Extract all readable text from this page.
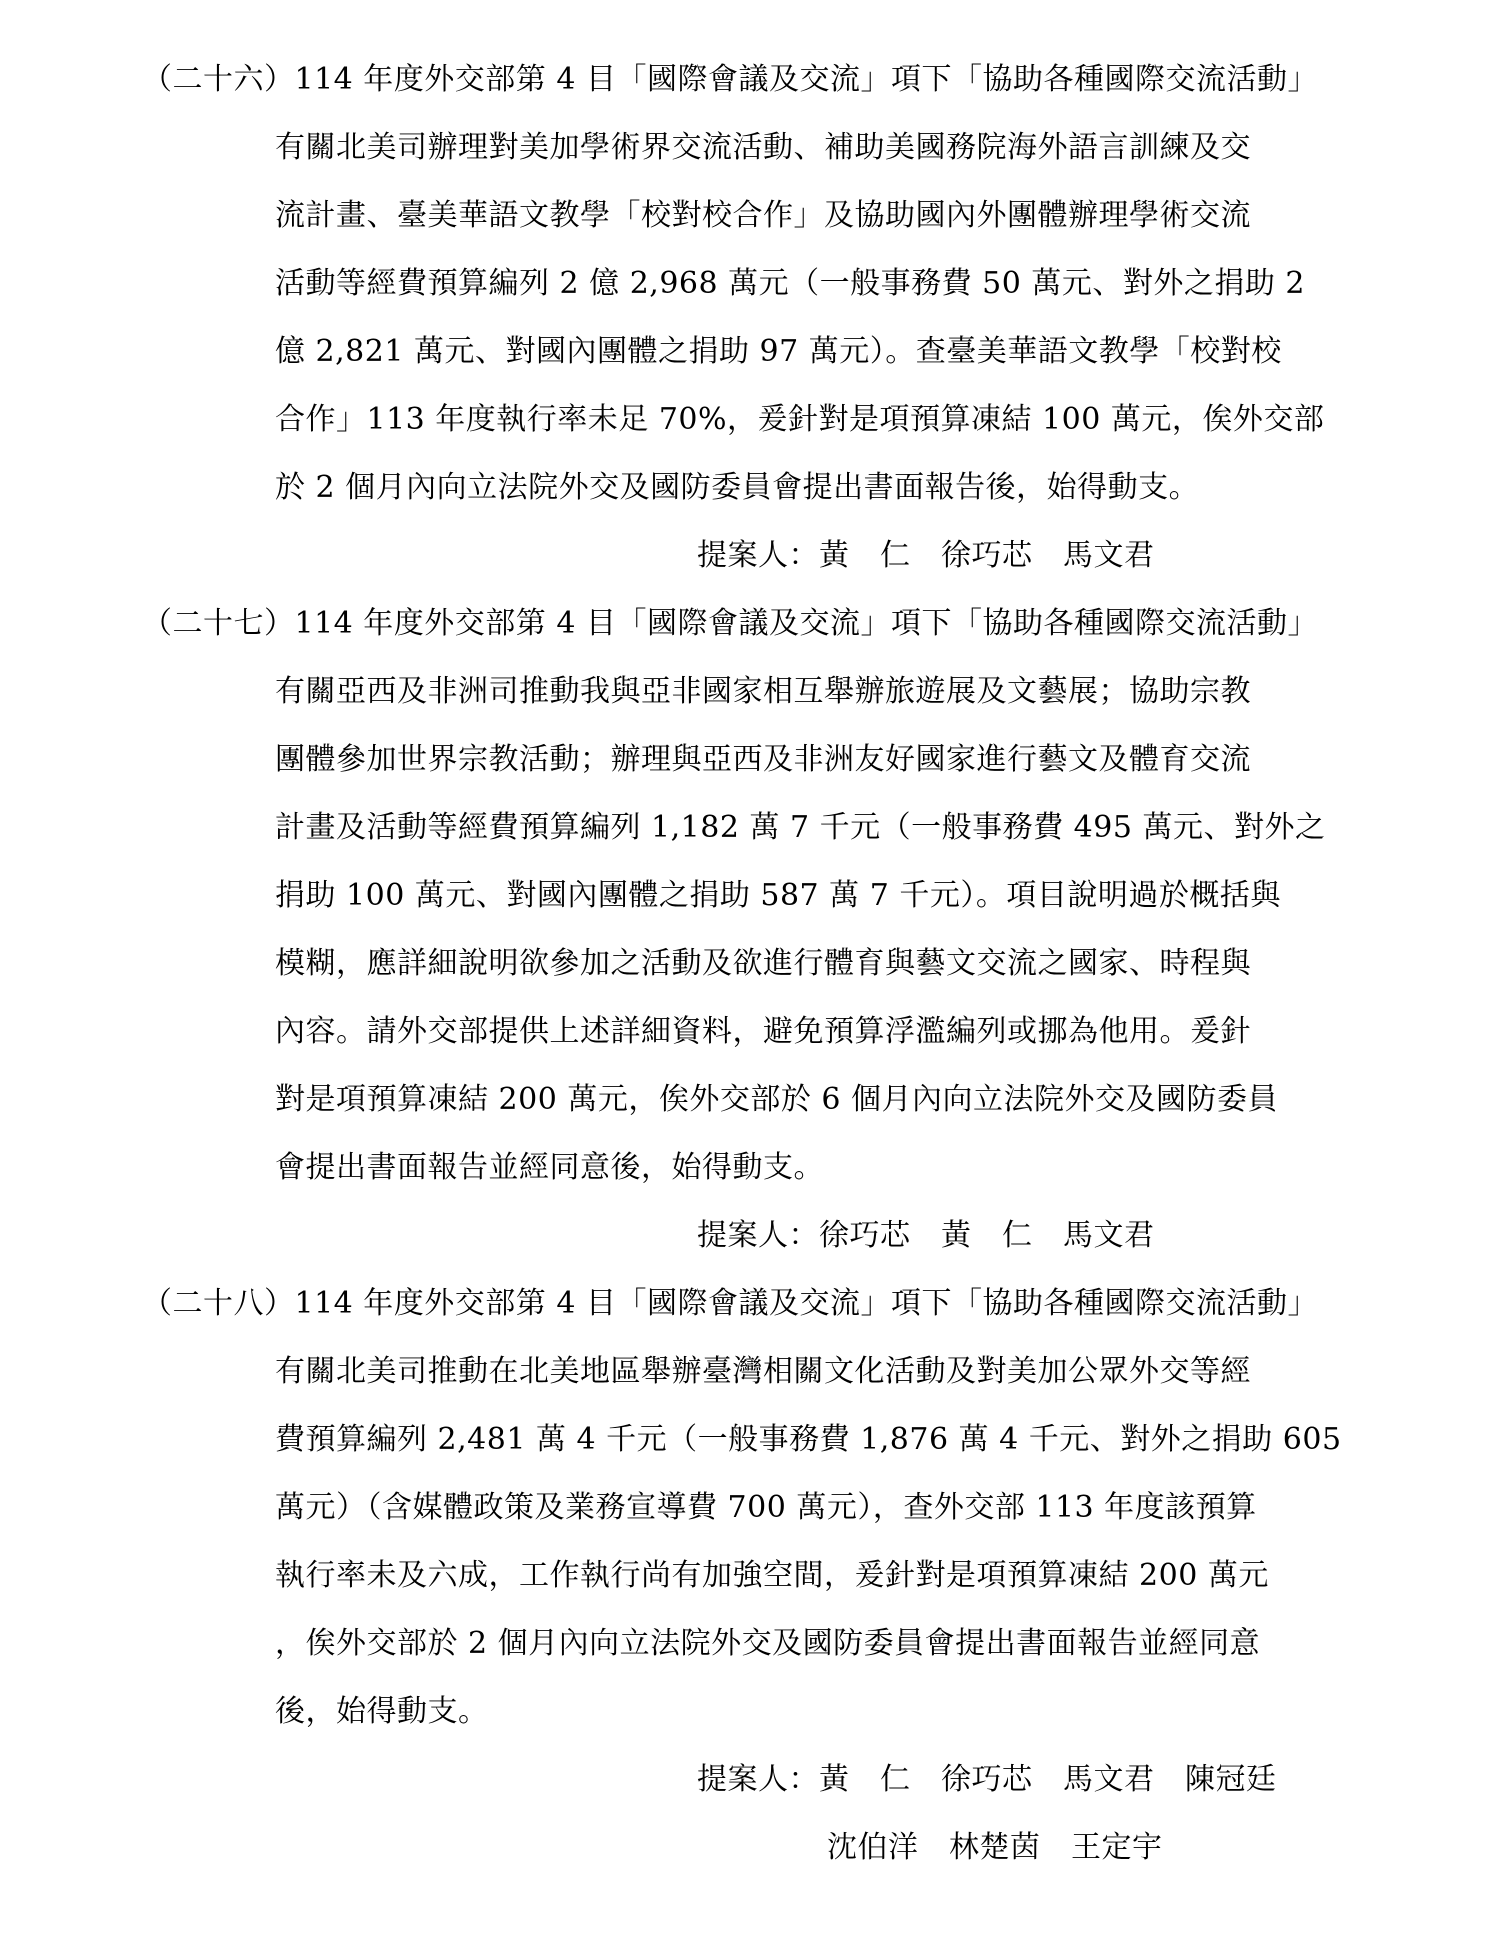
（二十六）114 年度外交部第 4 目「國際會議及交流」項下「協助各種國際交流活動」
有關北美司辦理對美加學術界交流活動、補助美國務院海外語言訓練及交
流計畫、臺美華語文教學「校對校合作」及協助國內外團體辦理學術交流
活動等經費預算編列 2 億 2,968 萬元（一般事務費 50 萬元、對外之捐助 2
億 2,821 萬元、對國內團體之捐助 97 萬元）。查臺美華語文教學「校對校
合作」113 年度執行率未足 70%，爰針對是項預算凍結 100 萬元，俟外交部
於 2 個月內向立法院外交及國防委員會提出書面報告後，始得動支。
提案人：黃　仁　徐巧芯　馬文君
（二十七）114 年度外交部第 4 目「國際會議及交流」項下「協助各種國際交流活動」
有關亞西及非洲司推動我與亞非國家相互舉辦旅遊展及文藝展；協助宗教
團體參加世界宗教活動；辦理與亞西及非洲友好國家進行藝文及體育交流
計畫及活動等經費預算編列 1,182 萬 7 千元（一般事務費 495 萬元、對外之
捐助 100 萬元、對國內團體之捐助 587 萬 7 千元）。項目說明過於概括與
模糊，應詳細說明欲參加之活動及欲進行體育與藝文交流之國家、時程與
內容。請外交部提供上述詳細資料，避免預算浮濫編列或挪為他用。爰針
對是項預算凍結 200 萬元，俟外交部於 6 個月內向立法院外交及國防委員
會提出書面報告並經同意後，始得動支。
提案人：徐巧芯　黃　仁　馬文君
（二十八）114 年度外交部第 4 目「國際會議及交流」項下「協助各種國際交流活動」
有關北美司推動在北美地區舉辦臺灣相關文化活動及對美加公眾外交等經
費預算編列 2,481 萬 4 千元（一般事務費 1,876 萬 4 千元、對外之捐助 605
萬元）（含媒體政策及業務宣導費 700 萬元），查外交部 113 年度該預算
執行率未及六成，工作執行尚有加強空間，爰針對是項預算凍結 200 萬元
，俟外交部於 2 個月內向立法院外交及國防委員會提出書面報告並經同意
後，始得動支。
提案人：黃　仁　徐巧芯　馬文君　陳冠廷
沈伯洋　林楚茵　王定宇
